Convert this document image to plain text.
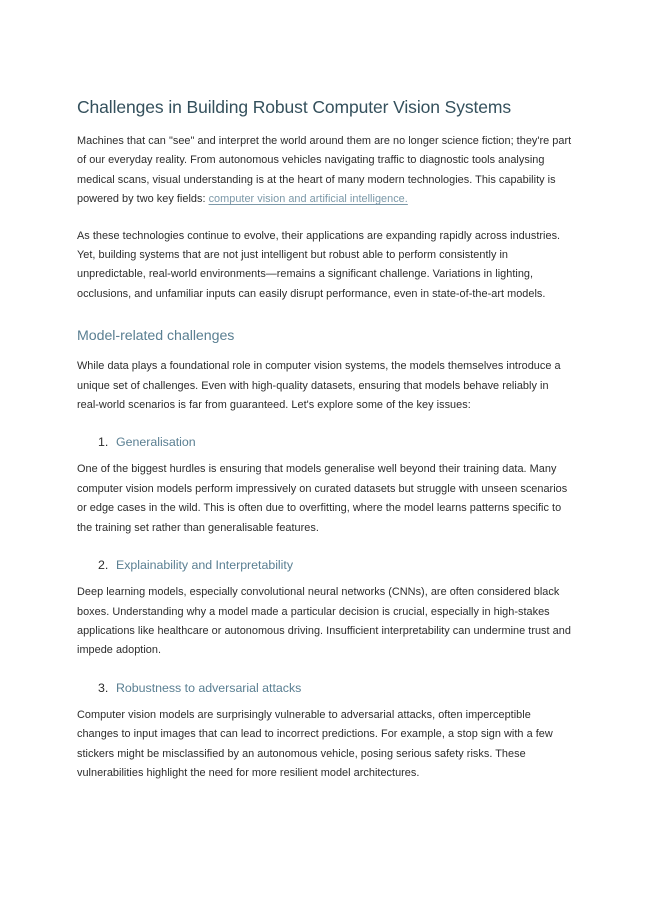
Challenges in Building Robust Computer Vision Systems

Machines that can "see" and interpret the world around them are no longer science fiction; they're part of our everyday reality. From autonomous vehicles navigating traffic to diagnostic tools analysing medical scans, visual understanding is at the heart of many modern technologies. This capability is powered by two key fields: computer vision and artificial intelligence.

As these technologies continue to evolve, their applications are expanding rapidly across industries. Yet, building systems that are not just intelligent but robust able to perform consistently in unpredictable, real-world environments—remains a significant challenge. Variations in lighting, occlusions, and unfamiliar inputs can easily disrupt performance, even in state-of-the-art models.

Model-related challenges

While data plays a foundational role in computer vision systems, the models themselves introduce a unique set of challenges. Even with high-quality datasets, ensuring that models behave reliably in real-world scenarios is far from guaranteed. Let's explore some of the key issues:

1. Generalisation

One of the biggest hurdles is ensuring that models generalise well beyond their training data. Many computer vision models perform impressively on curated datasets but struggle with unseen scenarios or edge cases in the wild. This is often due to overfitting, where the model learns patterns specific to the training set rather than generalisable features.

2. Explainability and Interpretability

Deep learning models, especially convolutional neural networks (CNNs), are often considered black boxes. Understanding why a model made a particular decision is crucial, especially in high-stakes applications like healthcare or autonomous driving. Insufficient interpretability can undermine trust and impede adoption.

3. Robustness to adversarial attacks

Computer vision models are surprisingly vulnerable to adversarial attacks, often imperceptible changes to input images that can lead to incorrect predictions. For example, a stop sign with a few stickers might be misclassified by an autonomous vehicle, posing serious safety risks. These vulnerabilities highlight the need for more resilient model architectures.
